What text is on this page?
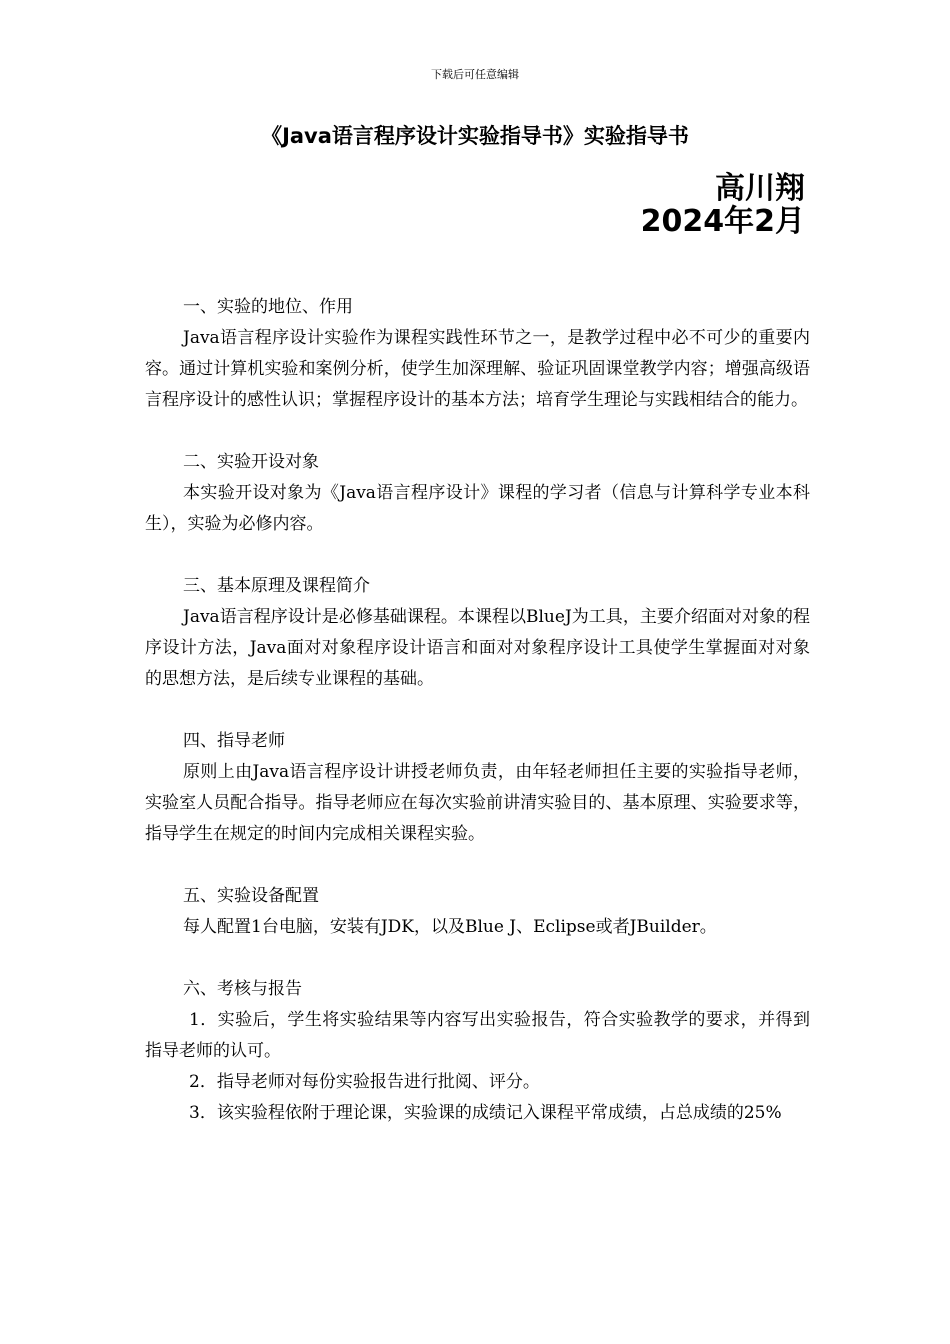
下载后可任意编辑
《Java语言程序设计实验指导书》实验指导书
高川翔
2024年2月
一、实验的地位、作用

Java语言程序设计实验作为课程实践性环节之一，是教学过程中必不可少的重要内容。通过计算机实验和案例分析，使学生加深理解、验证巩固课堂教学内容；增强高级语言程序设计的感性认识；掌握程序设计的基本方法；培育学生理论与实践相结合的能力。

二、实验开设对象

本实验开设对象为《Java语言程序设计》课程的学习者（信息与计算科学专业本科生），实验为必修内容。

三、基本原理及课程简介

Java语言程序设计是必修基础课程。本课程以BlueJ为工具，主要介绍面对对象的程序设计方法，Java面对对象程序设计语言和面对对象程序设计工具使学生掌握面对对象的思想方法，是后续专业课程的基础。

四、指导老师

原则上由Java语言程序设计讲授老师负责，由年轻老师担任主要的实验指导老师，实验室人员配合指导。指导老师应在每次实验前讲清实验目的、基本原理、实验要求等，指导学生在规定的时间内完成相关课程实验。

五、实验设备配置

每人配置1台电脑，安装有JDK，以及Blue J、Eclipse或者JBuilder。

六、考核与报告

1．实验后，学生将实验结果等内容写出实验报告，符合实验教学的要求，并得到指导老师的认可。

2．指导老师对每份实验报告进行批阅、评分。

3．该实验程依附于理论课，实验课的成绩记入课程平常成绩，占总成绩的25%
